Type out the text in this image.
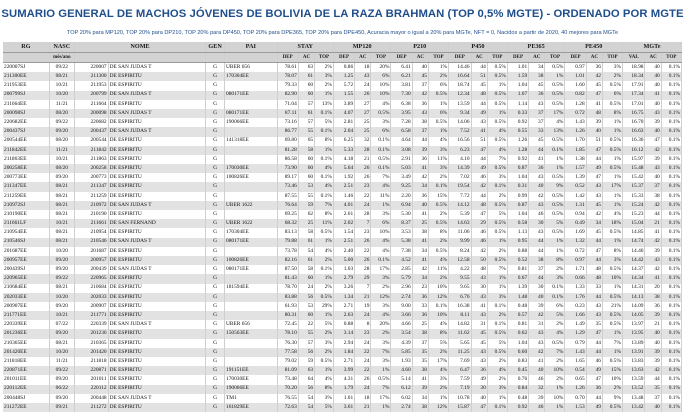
SUMARIO GENERAL DE MACHOS JÓVENES DE BOLIVIA DE LA RAZA BRAHMAN (TOP 0,5% MGTE) - ORDENADO POR MGTE
TOP 20% para MP120, TOP 20% para DP210, TOP 20% para DP450, TOP 20% para DPE365, TOP 20% para DPE450, Acuracia mayor o igual a 20% para MGTe, NFT = 0, Nacidos a partir de 2020, 40 mejores para MGTe
RG	NASC	NOME		GEN	PAI	STAY			MP120			P210			P450			PE365			PE450			MGTe		
	mês/ano					DEP	AC	TOP	DEP	AC	TOP	DEP	AC	TOP	DEP	AC	TOP	DEP	AC	TOP	DEP	AC	TOP	VAL	AC	TOP
220007SJ	09/22	220007	DE SAN JUDAS T	G	UBER 656	78.61	63	2%	0.86	18	20%	6.41	40	1%	14.46	44	0.5%	1.01	34	0.5%	0.97	36	3%	18.98	40	0.1%
211300EE	08/21	211300	DE ESPIRITU	G	170304EE	78.07	61	3%	1.25	43	6%	6.21	45	2%	16.64	51	0.5%	1.59	38	1%	1.01	42	2%	18.34	40	0.1%
211953EE	10/21	211953	DE ESPIRITU	G		79.33	60	2%	5.72	24	10%	3.81	37	6%	18.74	45	1%	1.04	45	0.5%	1.60	45	0.5%	17.91	40	0.1%
200799SJ	10/20	200799	DE SAN JUDAS T	G	080171EE	82.90	60	1%	1.55	26	10%	7.30	42	0.5%	12.34	48	0.5%	1.07	36	0.5%	0.82	47	6%	17.34	41	0.1%
211664EE	11/21	211664	DE ESPIRITU	G		71.04	57	13%	3.89	27	4%	6.38	36	1%	13.59	44	0.5%	1.14	43	0.5%	1.28	41	0.5%	17.01	40	0.1%
200098SJ	08/20	200098	DE SAN JUDAS T	G	080171EE	87.11	61	0.1%	4.07	27	0.5%	3.95	43	6%	9.34	49	1%	0.33	37	17%	0.72	48	8%	16.75	43	0.1%
220682EE	09/22	220682	DE ESPIRITU	G	190066EE	73.16	57	5%	2.81	25	3%	7.28	38	0.5%	14.06	43	0.5%	0.92	37	4%	1.43	39	1%	16.70	39	0.1%
200437SJ	09/20	200437	DE SAN JUDAS T	G		86.77	55	0.1%	2.04	25	6%	6.58	37	1%	7.52	41	4%	0.55	33	13%	1.26	40	1%	16.63	40	0.1%
200544EE	08/20	200544	DE ESPIRITU	G	141318EE	69.80	65	8%	6.25	32	0.1%	4.64	44	4%	16.56	51	0.5%	1.26	45	0.5%	1.70	51	0.5%	16.36	47	0.1%
211842EE	11/21	211842	DE ESPIRITU	G		81.28	58	1%	5.33	28	0.1%	3.08	39	3%	6.23	47	4%	1.28	44	0.1%	1.85	47	0.5%	16.12	42	0.1%
211863EE	10/21	211863	DE ESPIRITU	G		86.58	60	0.1%	4.18	21	0.5%	2.91	36	11%	4.10	44	7%	0.92	41	1%	1.38	44	1%	15.97	39	0.1%
200258EE	08/20	200258	DE ESPIRITU	G	170030EE	73.90	60	4%	5.64	26	0.1%	5.03	41	3%	14.39	49	0.5%	0.87	36	1%	1.57	49	0.5%	15.48	43	0.1%
200773EE	09/20	200773	DE ESPIRITU	G	100826EE	89.17	60	0.1%	1.92	26	7%	3.49	42	2%	7.02	46	3%	1.04	43	0.5%	1.39	47	1%	15.42	40	0.1%
211347EE	08/21	211347	DE ESPIRITU	G		73.46	53	4%	2.51	23	4%	9.25	34	0.1%	19.54	42	0.1%	0.31	40	9%	0.52	43	17%	15.37	37	0.1%
211259EE	08/21	211259	DE ESPIRITU	G		87.55	55	0.1%	1.46	22	11%	2.20	36	15%	7.72	44	2%	0.99	42	0.5%	1.42	43	1%	15.33	38	0.1%
210972SJ	08/21	210972	DE SAN JUDAS T	G	UBER 1622	76.64	59	7%	4.01	24	1%	6.94	40	0.5%	14.12	48	0.5%	0.87	43	0.5%	1.31	45	1%	15.24	42	0.1%
210190EE	08/21	210190	DE ESPIRITU	G		69.25	62	8%	2.61	28	3%	5.30	41	2%	5.39	47	5%	1.04	46	0.5%	0.94	42	4%	15.23	44	0.1%
211661LF	10/21	211661	DE SAN FERNAND	G	UBER 1622	68.32	25	11%	2.02	7	6%	8.37	25	0.5%	14.63	29	0.5%	0.58	30	5%	0.49	34	18%	15.04	21	0.1%
210954EE	08/21	210954	DE ESPIRITU	G	170304EE	83.13	58	0.5%	1.54	23	10%	3.53	38	8%	11.06	46	0.5%	1.13	43	0.5%	1.69	45	0.5%	14.85	41	0.1%
210546SJ	08/21	210546	DE SAN JUDAS T	G	080171EE	79.88	61	1%	2.51	26	4%	5.38	41	2%	9.99	46	1%	0.95	44	1%	1.32	44	1%	14.74	42	0.1%
201687EE	10/20	201687	DE ESPIRITU	G		73.78	54	4%	2.40	22	4%	7.38	34	0.5%	8.24	42	2%	0.88	44	1%	0.72	47	8%	14.46	39	0.1%
200957EE	09/20	200957	DE ESPIRITU	G	100826EE	82.16	61	2%	5.00	26	0.1%	4.52	41	4%	12.58	50	0.5%	0.52	38	8%	0.97	44	3%	14.42	43	0.1%
200439SJ	09/20	200439	DE SAN JUDAS T	G	080171EE	87.50	58	0.1%	1.03	28	17%	2.85	42	11%	4.22	48	7%	0.81	37	2%	1.71	48	0.5%	14.37	42	0.1%
220965EE	09/22	220965	DE ESPIRITU	G		81.43	60	1%	2.79	29	3%	5.79	34	2%	9.55	43	1%	0.67	44	3%	0.66	48	10%	14.34	41	0.1%
210684EE	08/21	210684	DE ESPIRITU	G	181594EE	78.70	24	2%	3.26	7	2%	2.96	23	10%	9.65	30	1%	1.39	30	0.1%	1.33	33	1%	14.31	20	0.1%
202033EE	10/20	202033	DE ESPIRITU	G		83.88	56	0.5%	1.34	21	12%	2.74	36	12%	6.76	43	3%	1.48	40	0.1%	1.76	44	0.5%	14.13	38	0.1%
200907EE	09/20	200907	DE ESPIRITU	G		61.93	53	29%	2.71	19	3%	9.00	33	0.1%	16.38	41	0.1%	0.48	39	6%	0.23	43	21%	14.09	36	0.1%
211771EE	10/21	211771	DE ESPIRITU	G		80.31	60	1%	2.63	24	4%	3.66	36	10%	8.11	43	2%	0.57	42	5%	1.66	43	0.5%	14.05	39	0.1%
220339EE	07/22	220339	DE SAN JUDAS T	G	UBER 656	72.45	22	5%	0.88	8	20%	4.66	25	4%	14.82	31	0.1%	0.81	31	2%	1.49	35	0.5%	13.97	21	0.1%
201236EE	09/20	201236	DE ESPIRITU	G	150563EE	78.10	55	2%	3.14	23	2%	3.54	38	8%	11.62	45	0.5%	0.62	43	4%	1.29	47	1%	13.95	40	0.1%
210365EE	08/21	210365	DE ESPIRITU	G		76.30	57	3%	2.94	24	3%	4.39	37	5%	5.65	45	5%	1.04	43	0.5%	0.79	44	7%	13.89	40	0.1%
201420EE	10/20	201420	DE ESPIRITU	G		77.58	56	2%	1.84	22	7%	5.85	35	2%	11.25	43	0.5%	0.60	42	7%	1.43	44	1%	13.91	39	0.1%
211818EE	11/21	211818	DE ESPIRITU	G		79.02	59	0.5%	2.71	24	3%	1.93	35	17%	7.69	43	2%	0.83	41	2%	1.65	46	0.5%	13.83	39	0.1%
220871EE	09/22	220871	DE ESPIRITU	G	191151EE	81.09	63	1%	3.99	22	1%	4.60	38	4%	6.47	36	4%	0.45	40	10%	0.54	49	15%	13.63	42	0.1%
201011EE	09/20	201011	DE ESPIRITU	G	170030EE	73.48	64	4%	4.31	26	0.5%	5.14	41	3%	7.59	49	2%	0.76	46	2%	0.65	47	10%	13.59	44	0.1%
220112EE	06/22	220112	DE ESPIRITU	G	190066EE	70.20	56	8%	1.79	24	7%	6.12	39	2%	7.19	30	3%	0.84	32	1%	1.26	36	2%	13.52	35	0.1%
200448SJ	09/20	200448	DE SAN JUDAS T	G	TM1	76.55	54	3%	1.01	18	17%	6.02	34	1%	10.78	40	1%	0.48	39	10%	0.70	44	9%	13.48	37	0.1%
211272EE	09/21	211272	DE ESPIRITU	G	161829EE	72.63	54	5%	3.61	21	1%	2.74	38	12%	15.87	47	0.1%	0.92	46	1%	1.53	49	0.5%	13.42	40	0.1%
